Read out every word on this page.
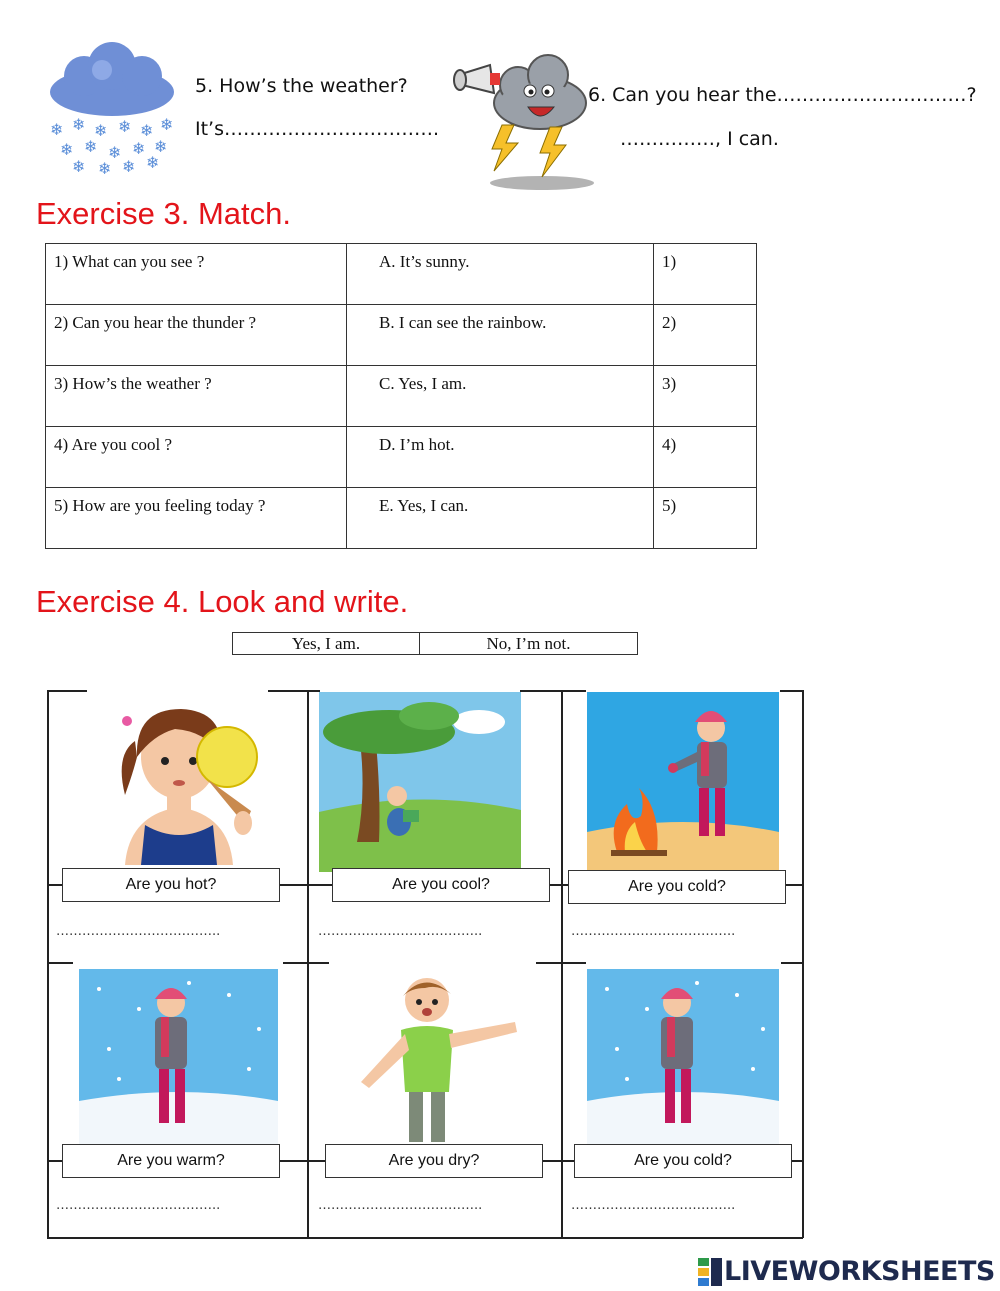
❄ ❄ ❄ ❄ ❄ ❄
❄ ❄ ❄ ❄ ❄
❄ ❄ ❄ ❄
5. How’s the weather?
It’s…………………………….
6. Can you hear the…………………………?
……………, I can.
Exercise 3. Match.
1) What can you see ?	A. It’s sunny.	1)
2) Can you hear the thunder ?	B. I can see the rainbow.	2)
3) How’s the weather ?	C. Yes, I am.	3)
4) Are you cool ?	D. I’m hot.	4)
5) How are you feeling today ?	E. Yes, I can.	5)
Exercise 4. Look and write.
Yes, I am.	No, I’m not.
Are you hot?	Are you cool?	Are you cold?
Are you warm?	Are you dry?	Are you cold?
………………………………..	………………………………..	………………………………..
………………………………..	………………………………..	………………………………..
LIVEWORKSHEETS
